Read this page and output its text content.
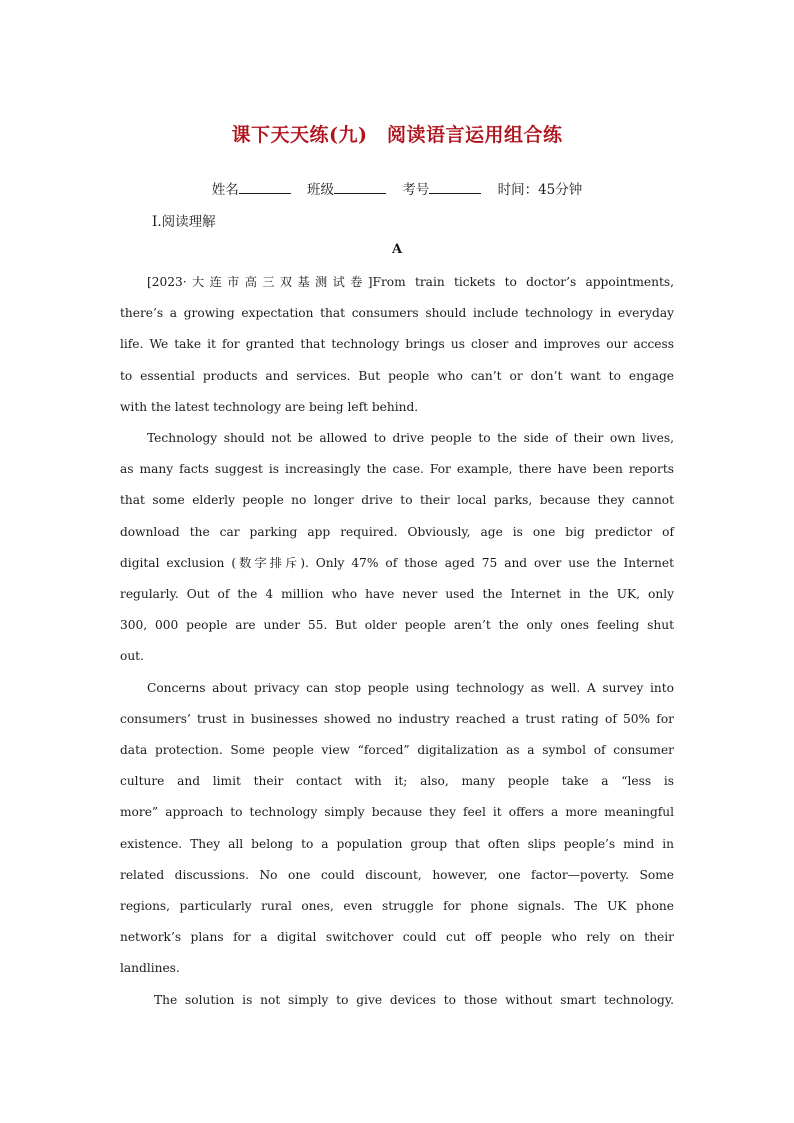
课下天天练(九)　阅读语言运用组合练
姓名	班级	考号	时间：45分钟
Ⅰ.阅读理解
A

[2023·大连市高三双基测试卷]From train tickets to doctor’s appointments,
there’s a growing expectation that consumers should include technology in everyday
life. We take it for granted that technology brings us closer and improves our access
to essential products and services. But people who can’t or don’t want to engage
with the latest technology are being left behind.

Technology should not be allowed to drive people to the side of their own lives,
as many facts suggest is increasingly the case. For example, there have been reports
that some elderly people no longer drive to their local parks, because they cannot
download the car parking app required. Obviously, age is one big predictor of
digital exclusion (数字排斥). Only 47% of those aged 75 and over use the Internet
regularly. Out of the 4 million who have never used the Internet in the UK, only
300, 000 people are under 55. But older people aren’t the only ones feeling shut
out.

Concerns about privacy can stop people using technology as well. A survey into
consumers’ trust in businesses showed no industry reached a trust rating of 50% for
data protection. Some people view “forced” digitalization as a symbol of consumer
culture and limit their contact with it; also, many people take a “less is
more” approach to technology simply because they feel it offers a more meaningful
existence. They all belong to a population group that often slips people’s mind in
related discussions. No one could discount, however, one factor—poverty. Some
regions, particularly rural ones, even struggle for phone signals. The UK phone
network’s plans for a digital switchover could cut off people who rely on their
landlines.

The solution is not simply to give devices to those without smart technology.
